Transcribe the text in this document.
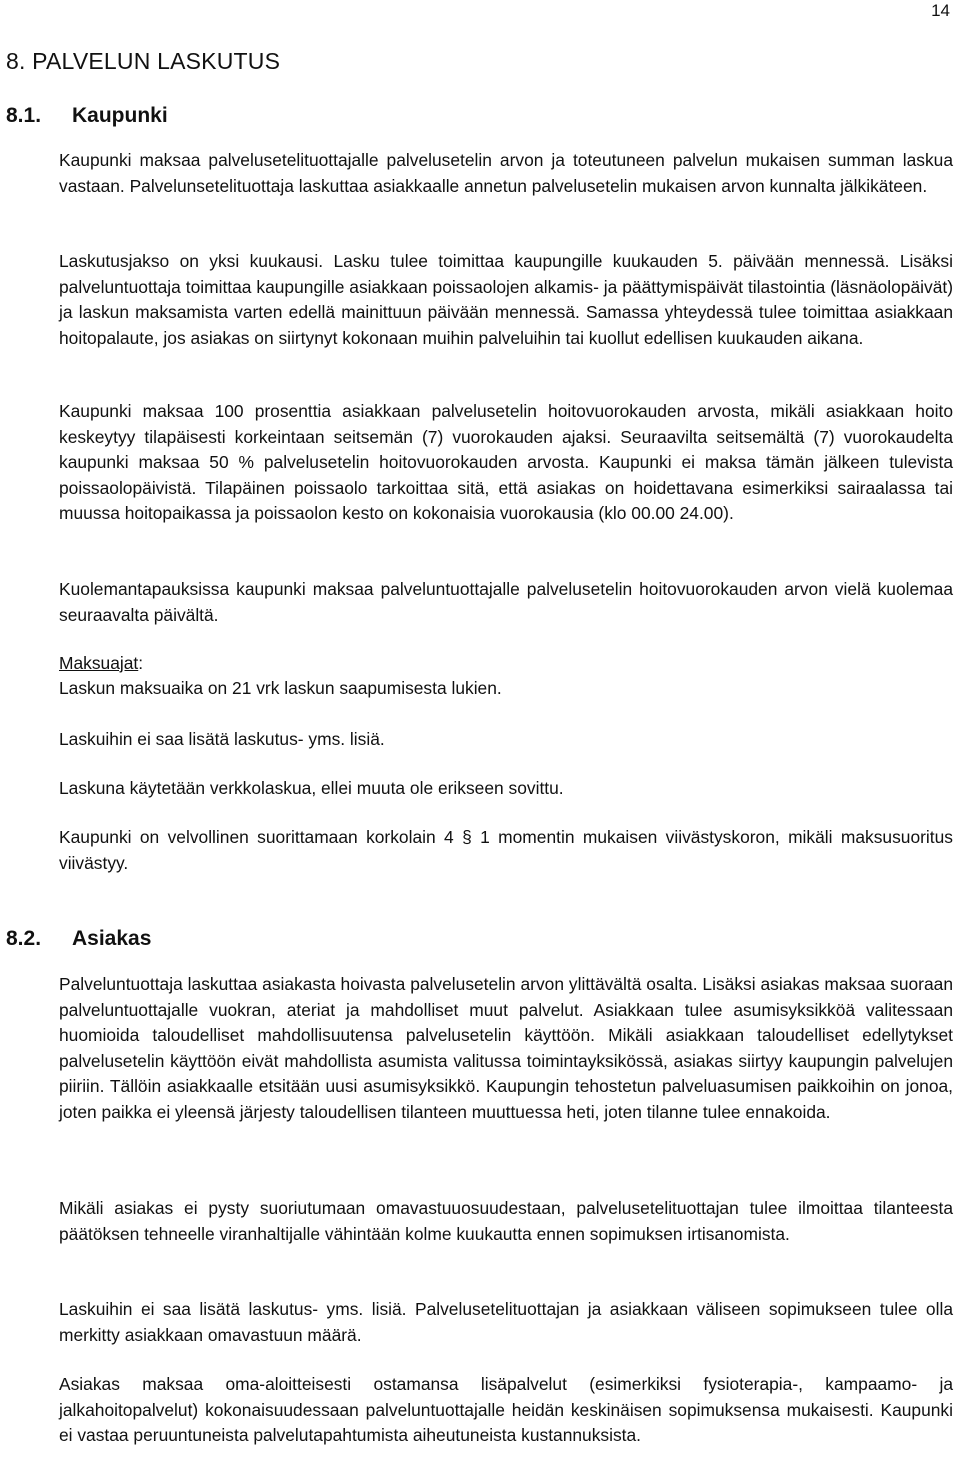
14
8. PALVELUN LASKUTUS
8.1. Kaupunki

Kaupunki maksaa palvelusetelituottajalle palvelusetelin arvon ja toteutuneen palvelun mukaisen summan laskua vastaan. Palvelunsetelituottaja laskuttaa asiakkaalle annetun palvelusetelin mukaisen arvon kunnalta jälkikäteen.

Laskutusjakso on yksi kuukausi. Lasku tulee toimittaa kaupungille kuukauden 5. päivään mennessä. Lisäksi palveluntuottaja toimittaa kaupungille asiakkaan poissaolojen alkamis- ja päättymispäivät tilastointia (läsnäolopäivät) ja laskun maksamista varten edellä mainittuun päivään mennessä. Samassa yhteydessä tulee toimittaa asiakkaan hoitopalaute, jos asiakas on siirtynyt kokonaan muihin palveluihin tai kuollut edellisen kuukauden aikana.

Kaupunki maksaa 100 prosenttia asiakkaan palvelusetelin hoitovuorokauden arvosta, mikäli asiakkaan hoito keskeytyy tilapäisesti korkeintaan seitsemän (7) vuorokauden ajaksi. Seuraavilta seitsemältä (7) vuorokaudelta kaupunki maksaa 50 % palvelusetelin hoitovuorokauden arvosta. Kaupunki ei maksa tämän jälkeen tulevista poissaolopäivistä. Tilapäinen poissaolo tarkoittaa sitä, että asiakas on hoidettavana esimerkiksi sairaalassa tai muussa hoitopaikassa ja poissaolon kesto on kokonaisia vuorokausia (klo 00.00 24.00).

Kuolemantapauksissa kaupunki maksaa palveluntuottajalle palvelusetelin hoitovuorokauden arvon vielä kuolemaa seuraavalta päivältä.

Maksuajat:

Laskun maksuaika on 21 vrk laskun saapumisesta lukien.

Laskuihin ei saa lisätä laskutus- yms. lisiä.

Laskuna käytetään verkkolaskua, ellei muuta ole erikseen sovittu.

Kaupunki on velvollinen suorittamaan korkolain 4 § 1 momentin mukaisen viivästyskoron, mikäli maksusuoritus viivästyy.

8.2. Asiakas

Palveluntuottaja laskuttaa asiakasta hoivasta palvelusetelin arvon ylittävältä osalta. Lisäksi asiakas maksaa suoraan palveluntuottajalle vuokran, ateriat ja mahdolliset muut palvelut. Asiakkaan tulee asumisyksikköä valitessaan huomioida taloudelliset mahdollisuutensa palvelusetelin käyttöön. Mikäli asiakkaan taloudelliset edellytykset palvelusetelin käyttöön eivät mahdollista asumista valitussa toimintayksikössä, asiakas siirtyy kaupungin palvelujen piiriin. Tällöin asiakkaalle etsitään uusi asumisyksikkö. Kaupungin tehostetun palveluasumisen paikkoihin on jonoa, joten paikka ei yleensä järjesty taloudellisen tilanteen muuttuessa heti, joten tilanne tulee ennakoida.

Mikäli asiakas ei pysty suoriutumaan omavastuuosuudestaan, palvelusetelituottajan tulee ilmoittaa tilanteesta päätöksen tehneelle viranhaltijalle vähintään kolme kuukautta ennen sopimuksen irtisanomista.

Laskuihin ei saa lisätä laskutus- yms. lisiä. Palvelusetelituottajan ja asiakkaan väliseen sopimukseen tulee olla merkitty asiakkaan omavastuun määrä.

Asiakas maksaa oma-aloitteisesti ostamansa lisäpalvelut (esimerkiksi fysioterapia-, kampaamo- ja jalkahoitopalvelut) kokonaisuudessaan palveluntuottajalle heidän keskinäisen sopimuksensa mukaisesti. Kaupunki ei vastaa peruuntuneista palvelutapahtumista aiheutuneista kustannuksista.
